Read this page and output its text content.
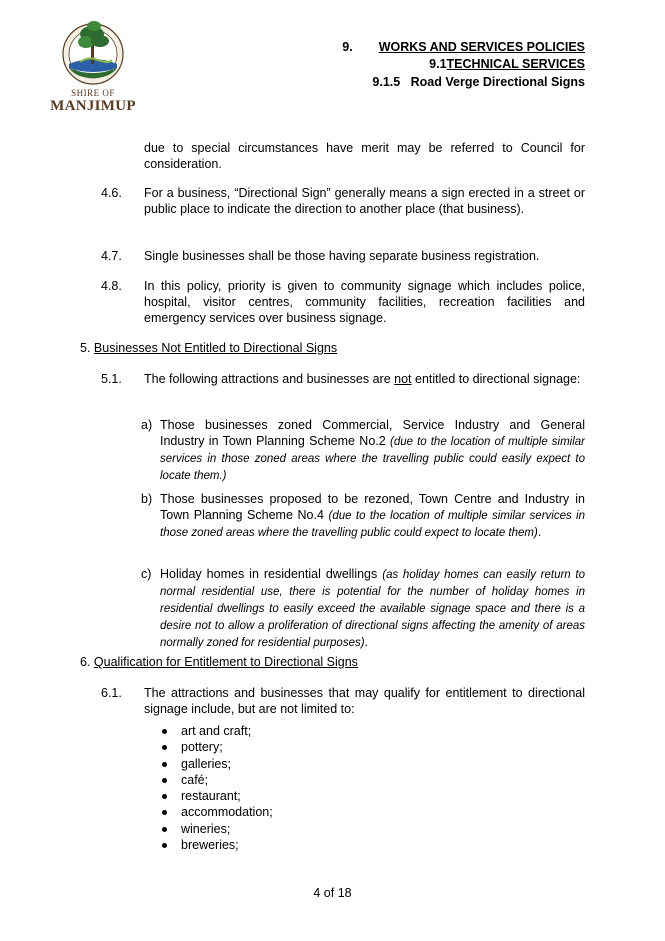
SHIRE OF
MANJIMUP
9. WORKS AND SERVICES POLICIES
9.1TECHNICAL SERVICES
9.1.5   Road Verge Directional Signs

due to special circumstances have merit may be referred to Council for consideration.

4.6. For a business, “Directional Sign” generally means a sign erected in a street or public place to indicate the direction to another place (that business).

4.7. Single businesses shall be those having separate business registration.

4.8. In this policy, priority is given to community signage which includes police, hospital, visitor centres, community facilities, recreation facilities and emergency services over business signage.

5. Businesses Not Entitled to Directional Signs
5.1. The following attractions and businesses are not entitled to directional signage:

a) Those businesses zoned Commercial, Service Industry and General Industry in Town Planning Scheme No.2 (due to the location of multiple similar services in those zoned areas where the travelling public could easily expect to locate them.)

b) Those businesses proposed to be rezoned, Town Centre and Industry in Town Planning Scheme No.4 (due to the location of multiple similar services in those zoned areas where the travelling public could expect to locate them).

c) Holiday homes in residential dwellings (as holiday homes can easily return to normal residential use, there is potential for the number of holiday homes in residential dwellings to easily exceed the available signage space and there is a desire not to allow a proliferation of directional signs affecting the amenity of areas normally zoned for residential purposes).

6. Qualification for Entitlement to Directional Signs
6.1. The attractions and businesses that may qualify for entitlement to directional signage include, but are not limited to:

art and craft;
pottery;
galleries;
café;
restaurant;
accommodation;
wineries;
breweries;
4 of 18
